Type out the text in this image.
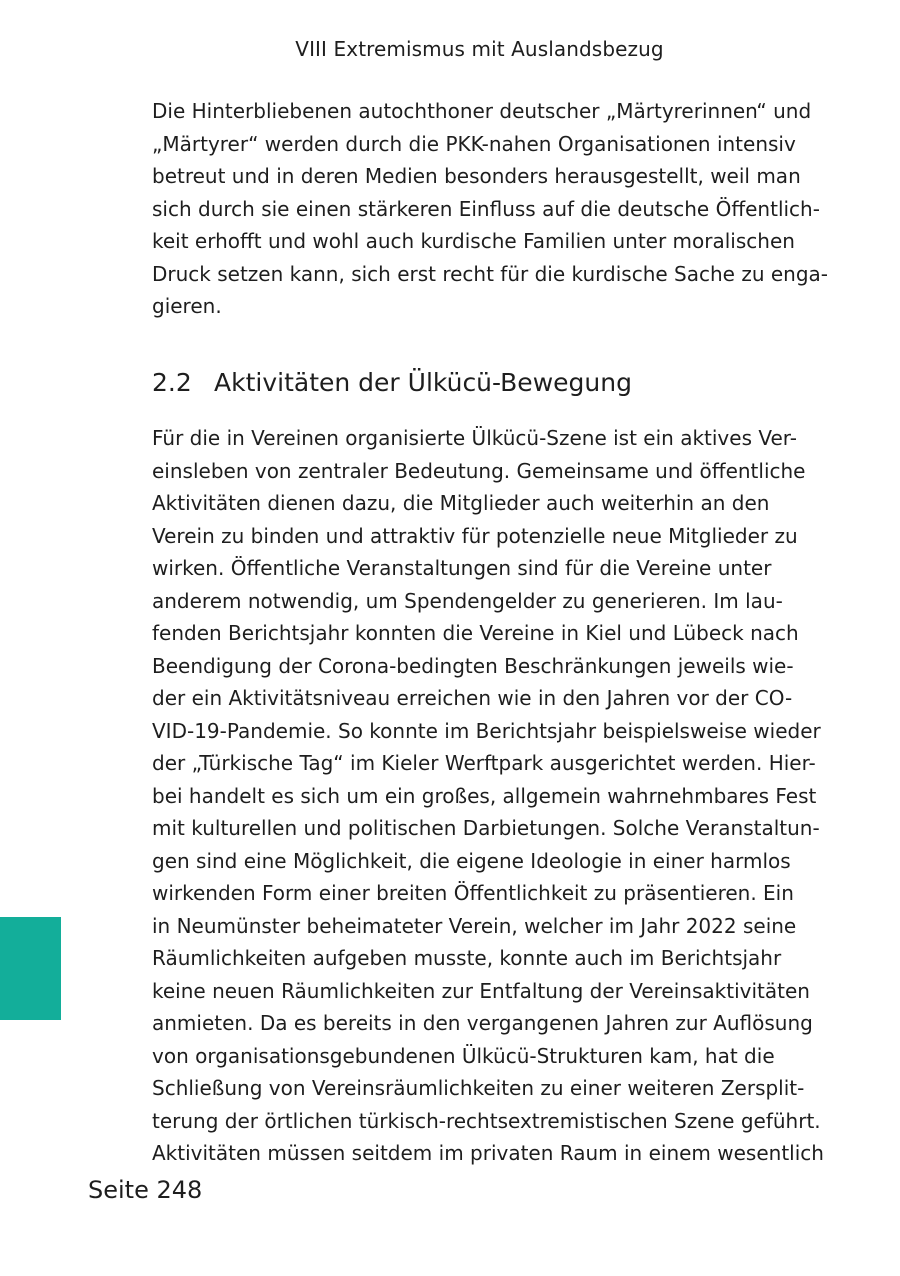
VIII Extremismus mit Auslandsbezug
Die Hinterbliebenen autochthoner deutscher „Märtyrerinnen“ und
„Märtyrer“ werden durch die PKK-nahen Organisationen intensiv
betreut und in deren Medien besonders herausgestellt, weil man
sich durch sie einen stärkeren Einfluss auf die deutsche Öffentlich-
keit erhofft und wohl auch kurdische Familien unter moralischen
Druck setzen kann, sich erst recht für die kurdische Sache zu enga-
gieren.
2.2 Aktivitäten der Ülkücü-Bewegung
Für die in Vereinen organisierte Ülkücü-Szene ist ein aktives Ver-
einsleben von zentraler Bedeutung. Gemeinsame und öffentliche
Aktivitäten dienen dazu, die Mitglieder auch weiterhin an den
Verein zu binden und attraktiv für potenzielle neue Mitglieder zu
wirken. Öffentliche Veranstaltungen sind für die Vereine unter
anderem notwendig, um Spendengelder zu generieren. Im lau-
fenden Berichtsjahr konnten die Vereine in Kiel und Lübeck nach
Beendigung der Corona-bedingten Beschränkungen jeweils wie-
der ein Aktivitätsniveau erreichen wie in den Jahren vor der CO-
VID-19-Pandemie. So konnte im Berichtsjahr beispielsweise wieder
der „Türkische Tag“ im Kieler Werftpark ausgerichtet werden. Hier-
bei handelt es sich um ein großes, allgemein wahrnehmbares Fest
mit kulturellen und politischen Darbietungen. Solche Veranstaltun-
gen sind eine Möglichkeit, die eigene Ideologie in einer harmlos
wirkenden Form einer breiten Öffentlichkeit zu präsentieren. Ein
in Neumünster beheimateter Verein, welcher im Jahr 2022 seine
Räumlichkeiten aufgeben musste, konnte auch im Berichtsjahr
keine neuen Räumlichkeiten zur Entfaltung der Vereinsaktivitäten
anmieten. Da es bereits in den vergangenen Jahren zur Auflösung
von organisationsgebundenen Ülkücü-Strukturen kam, hat die
Schließung von Vereinsräumlichkeiten zu einer weiteren Zersplit-
terung der örtlichen türkisch-rechtsextremistischen Szene geführt.
Aktivitäten müssen seitdem im privaten Raum in einem wesentlich
Seite 248
